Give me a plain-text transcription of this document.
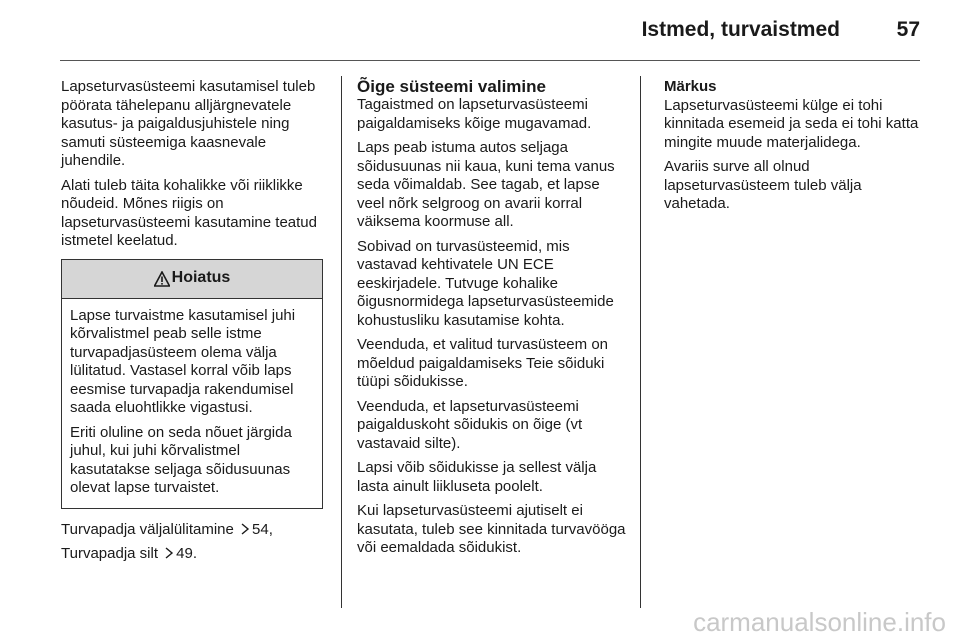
Istmed, turvaistmed	57

Lapseturvasüsteemi kasutamisel tuleb pöörata tähelepanu alljärgnevatele kasutus- ja paigaldusjuhistele ning samuti süsteemiga kaasnevale juhendile.

Alati tuleb täita kohalikke või riiklikke nõudeid. Mõnes riigis on lapseturvasüsteemi kasutamine teatud istmetel keelatud.

Hoiatus

Lapse turvaistme kasutamisel juhi kõrvalistmel peab selle istme turvapadjasüsteem olema välja lülitatud. Vastasel korral võib laps eesmise turvapadja rakendumisel saada eluohtlikke vigastusi.

Eriti oluline on seda nõuet järgida juhul, kui juhi kõrvalistmel kasutatakse seljaga sõidusuunas olevat lapse turvaistet.

Turvapadja väljalülitamine 54,

Turvapadja silt 49.

Õige süsteemi valimine

Tagaistmed on lapseturvasüsteemi paigaldamiseks kõige mugavamad.

Laps peab istuma autos seljaga sõidusuunas nii kaua, kuni tema vanus seda võimaldab. See tagab, et lapse veel nõrk selgroog on avarii korral väiksema koormuse all.

Sobivad on turvasüsteemid, mis vastavad kehtivatele UN ECE eeskirjadele. Tutvuge kohalike õigusnormidega lapseturvasüsteemide kohustusliku kasutamise kohta.

Veenduda, et valitud turvasüsteem on mõeldud paigaldamiseks Teie sõiduki tüüpi sõidukisse.

Veenduda, et lapseturvasüsteemi paigalduskoht sõidukis on õige (vt vastavaid silte).

Lapsi võib sõidukisse ja sellest välja lasta ainult liikluseta poolelt.

Kui lapseturvasüsteemi ajutiselt ei kasutata, tuleb see kinnitada turvavööga või eemaldada sõidukist.

Märkus

Lapseturvasüsteemi külge ei tohi kinnitada esemeid ja seda ei tohi katta mingite muude materjalidega.

Avariis surve all olnud lapseturvasüsteem tuleb välja vahetada.

carmanualsonline.info
